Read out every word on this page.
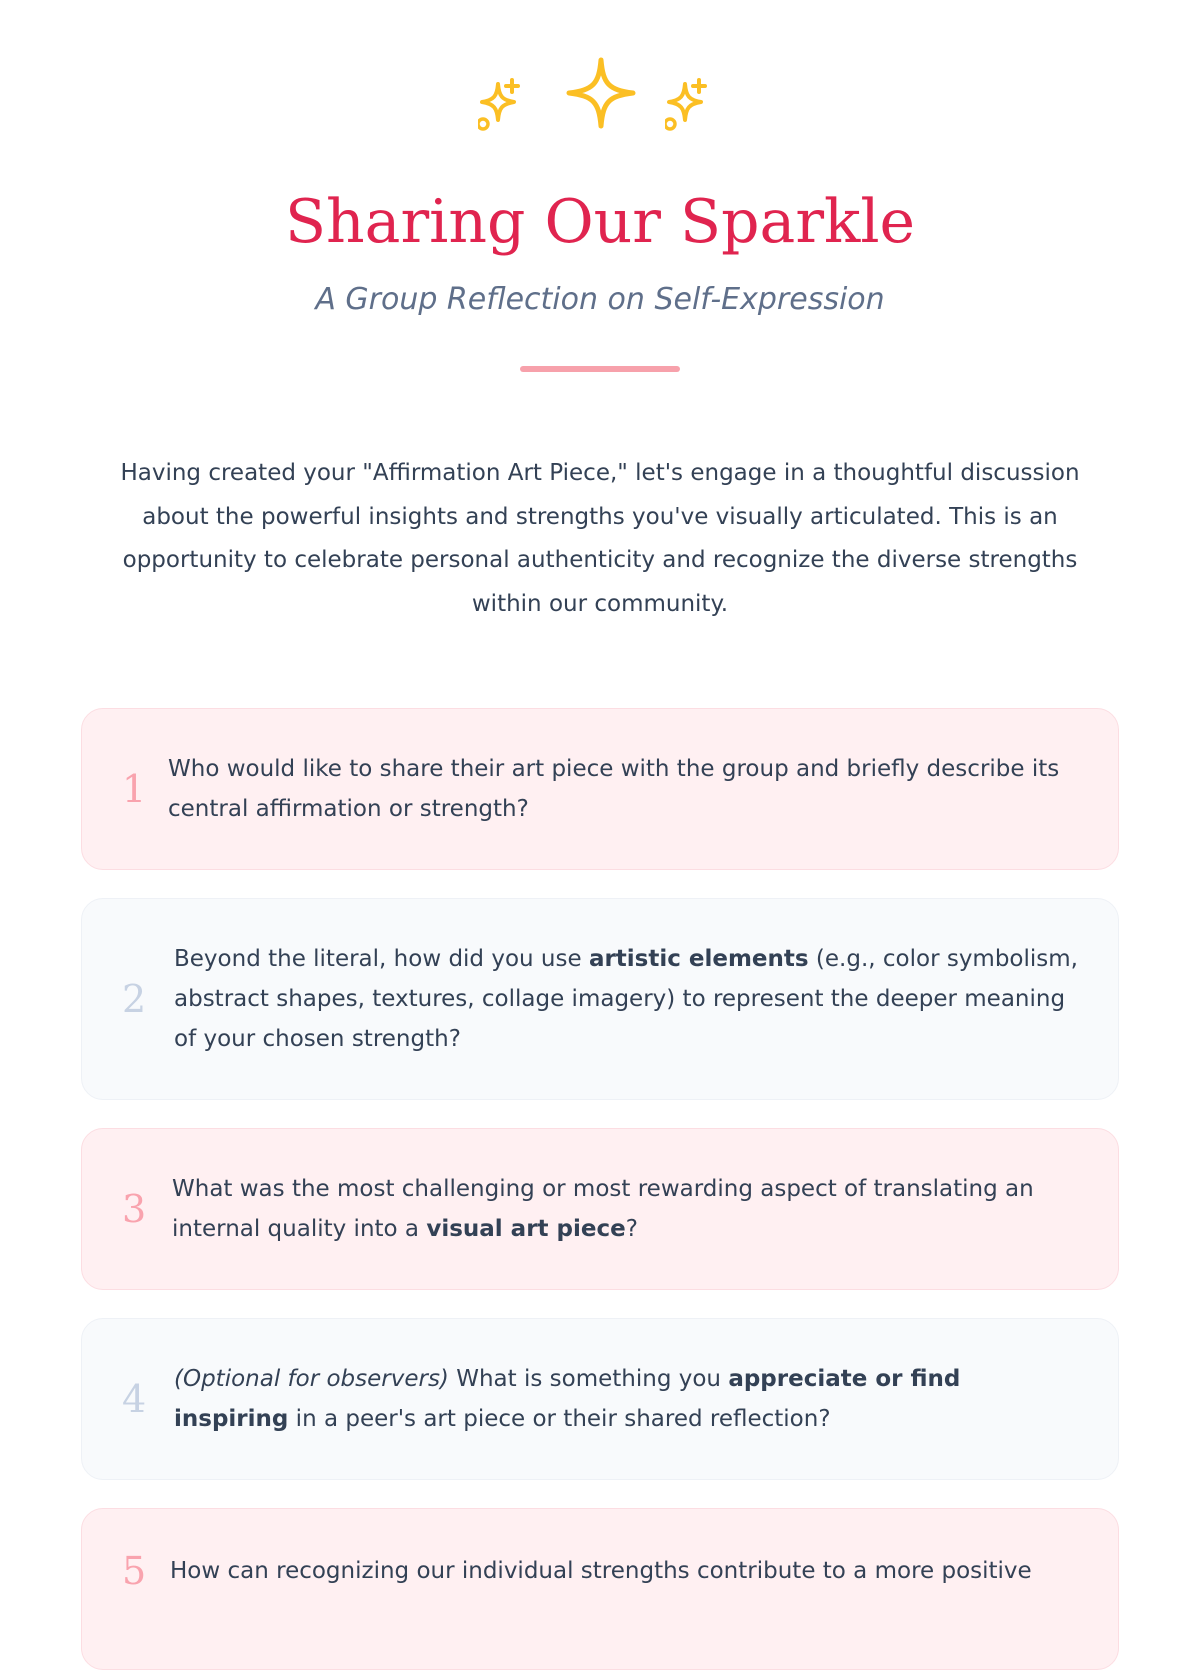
Sharing Our Sparkle
A Group Reflection on Self-Expression

Having created your "Affirmation Art Piece," let's engage in a thoughtful discussion about the powerful insights and strengths you've visually articulated. This is an opportunity to celebrate personal authenticity and recognize the diverse strengths within our community.

1 Who would like to share their art piece with the group and briefly describe its central affirmation or strength?
2
Beyond the literal, how did you use artistic elements (e.g., color symbolism, abstract shapes, textures, collage imagery) to represent the deeper meaning of your chosen strength?
3 What was the most challenging or most rewarding aspect of translating an internal quality into a visual art piece?
4 (Optional for observers) What is something you appreciate or find inspiring in a peer's art piece or their shared reflection?
5 How can recognizing our individual strengths contribute to a more positive
